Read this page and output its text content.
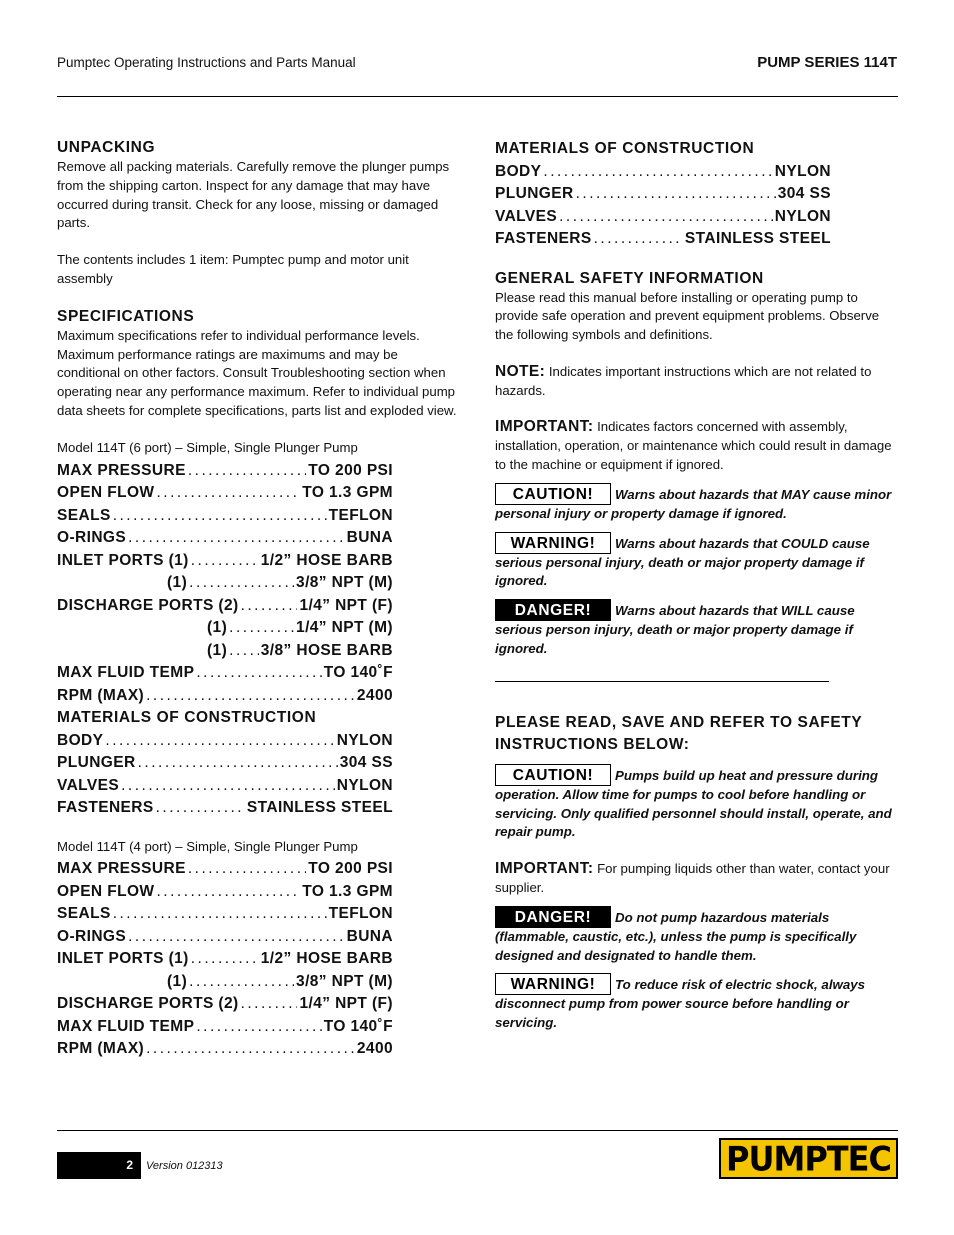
Pumptec Operating Instructions and Parts Manual	PUMP SERIES 114T
UNPACKING

Remove all packing materials. Carefully remove the plunger pumps from the shipping carton. Inspect for any damage that may have occurred during transit. Check for any loose, missing or damaged parts.

The contents includes 1 item: Pumptec pump and motor unit assembly

SPECIFICATIONS

Maximum specifications refer to individual performance levels. Maximum performance ratings are maximums and may be conditional on other factors. Consult Troubleshooting section when operating near any performance maximum. Refer to individual pump data sheets for complete specifications, parts list and exploded view.

Model 114T (6 port) – Simple, Single Plunger Pump

MAX PRESSURE .....	TO 200 PSI
OPEN FLOW .....	TO 1.3 GPM
SEALS .....	TEFLON
O-RINGS .....	BUNA
INLET PORTS (1) .....	1/2” HOSE BARB
(1) .....	3/8” NPT (M)
DISCHARGE PORTS (2) .....	1/4” NPT (F)
(1) .....	1/4” NPT (M)
(1) ..... 3/8” HOSE BARB
MAX FLUID TEMP .....	TO 140˚F
RPM (MAX) .....	2400
MATERIALS OF CONSTRUCTION
BODY .....	NYLON
PLUNGER .....	304 SS
VALVES .....	NYLON
FASTENERS .....	STAINLESS STEEL

Model 114T (4 port) – Simple, Single Plunger Pump

MAX PRESSURE .....	TO 200 PSI
OPEN FLOW .....	TO 1.3 GPM
SEALS .....	TEFLON
O-RINGS .....	BUNA
INLET PORTS (1) .....	1/2” HOSE BARB
(1) .....	3/8” NPT (M)
DISCHARGE PORTS (2) .....	1/4” NPT (F)
MAX FLUID TEMP .....	TO 140˚F
RPM (MAX) .....	2400
MATERIALS OF CONSTRUCTION
BODY .....	NYLON
PLUNGER .....	304 SS
VALVES .....	NYLON
FASTENERS .....	STAINLESS STEEL
GENERAL SAFETY INFORMATION

Please read this manual before installing or operating pump to provide safe operation and prevent equipment problems. Observe the following symbols and definitions.

NOTE: Indicates important instructions which are not related to hazards.

IMPORTANT: Indicates factors concerned with assembly, installation, operation, or maintenance which could result in damage to the machine or equipment if ignored.

CAUTION! Warns about hazards that MAY cause minor personal injury or property damage if ignored.
WARNING! Warns about hazards that COULD cause serious personal injury, death or major property damage if ignored.
DANGER! Warns about hazards that WILL cause serious person injury, death or major property damage if ignored.
PLEASE READ, SAVE AND REFER TO SAFETY INSTRUCTIONS BELOW:
CAUTION! Pumps build up heat and pressure during operation. Allow time for pumps to cool before handling or servicing. Only qualified personnel should install, operate, and repair pump.

IMPORTANT: For pumping liquids other than water, contact your supplier.

DANGER! Do not pump hazardous materials (flammable, caustic, etc.), unless the pump is specifically designed and designated to handle them.
WARNING! To reduce risk of electric shock, always disconnect pump from power source before handling or servicing.
2	Version 012313	PUMPTEC
